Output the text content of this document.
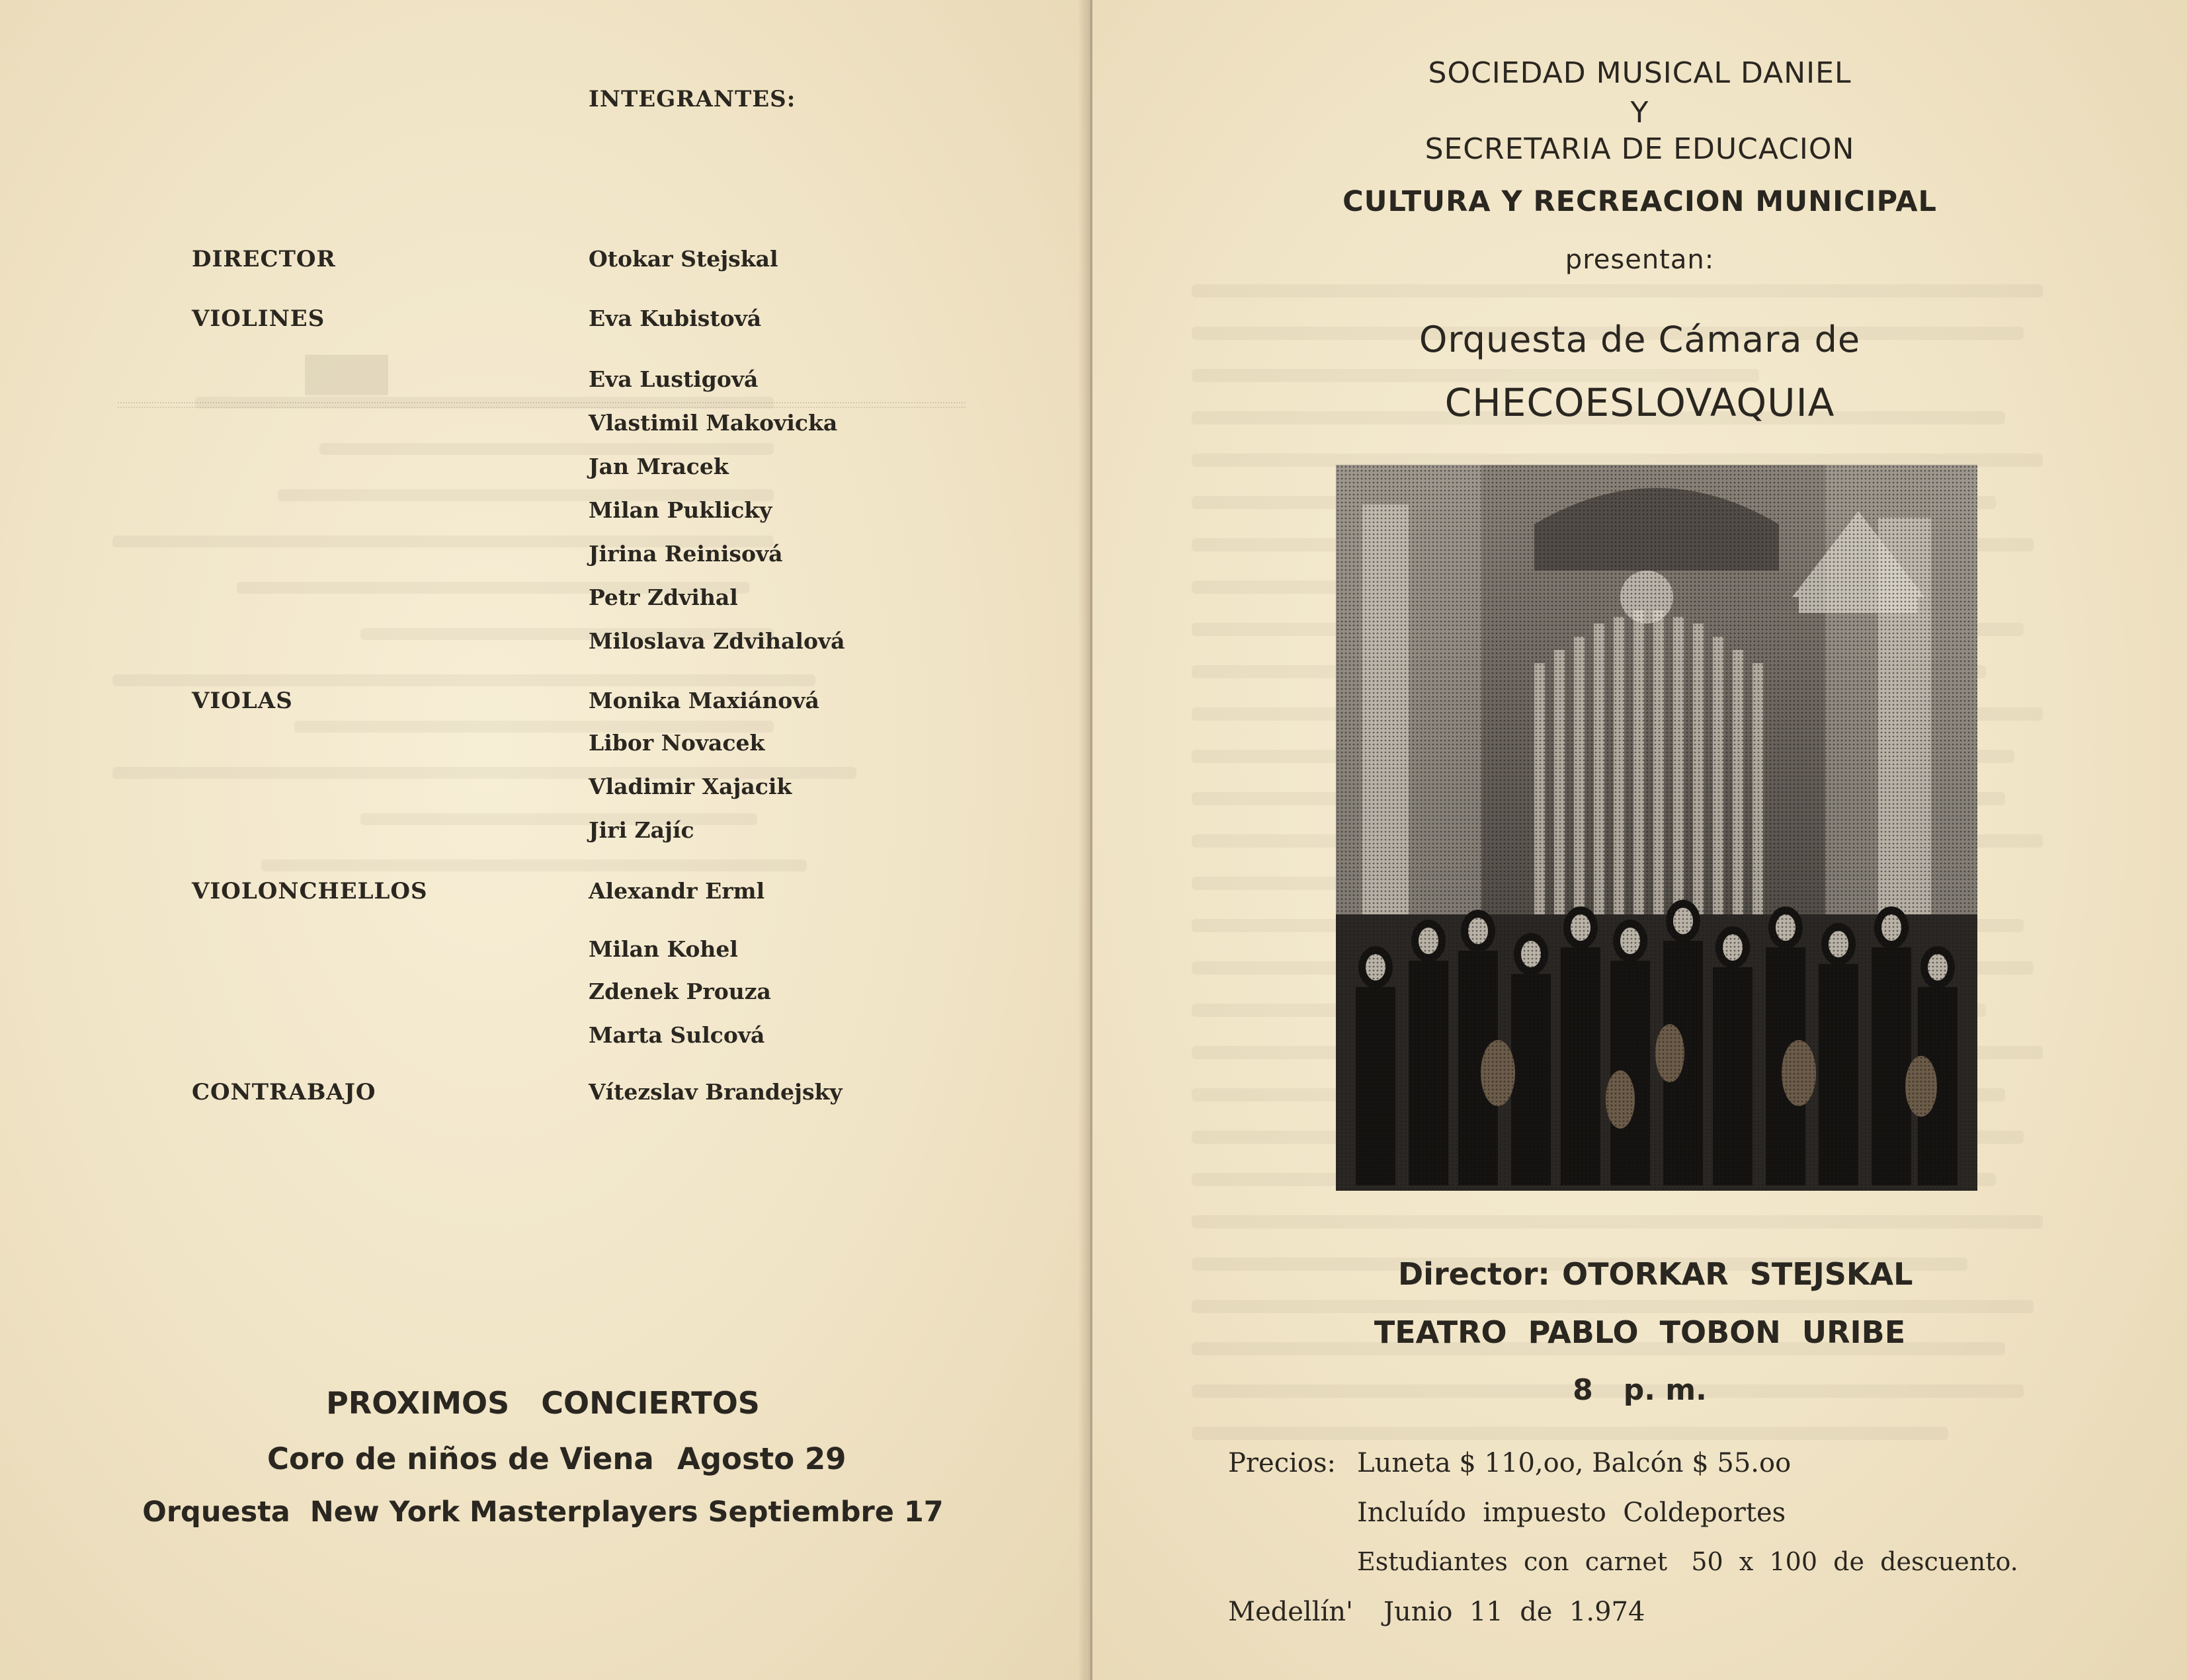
▬
INTEGRANTES:
DIRECTOR	Otokar Stejskal
VIOLINES	Eva Kubistová
Eva Lustigová
Vlastimil Makovicka
Jan Mracek
Milan Puklicky
Jirina Reinisová
Petr Zdvihal
Miloslava Zdvihalová
VIOLAS	Monika Maxiánová
Libor Novacek
Vladimir Xajacik
Jiri Zajíc
VIOLONCHELLOS	Alexandr Erml
Milan Kohel
Zdenek Prouza
Marta Sulcová
CONTRABAJO	Vítezslav Brandejsky
PROXIMOS   CONCIERTOS
Coro de niños de Viena Agosto 29
Orquesta  New York Masterplayers Septiembre 17
SOCIEDAD MUSICAL DANIEL
Y
SECRETARIA DE EDUCACION
CULTURA Y RECREACION MUNICIPAL
presentan:
Orquesta de Cámara de
CHECOESLOVAQUIA
Director: OTORKAR  STEJSKAL
TEATRO  PABLO  TOBON  URIBE
8   p. m.
Precios: Luneta $ 110,oo, Balcón $ 55.oo
Incluído  impuesto  Coldeportes
Estudiantes  con  carnet   50  x  100  de  descuento.
Medellín' Junio  11  de  1.974
